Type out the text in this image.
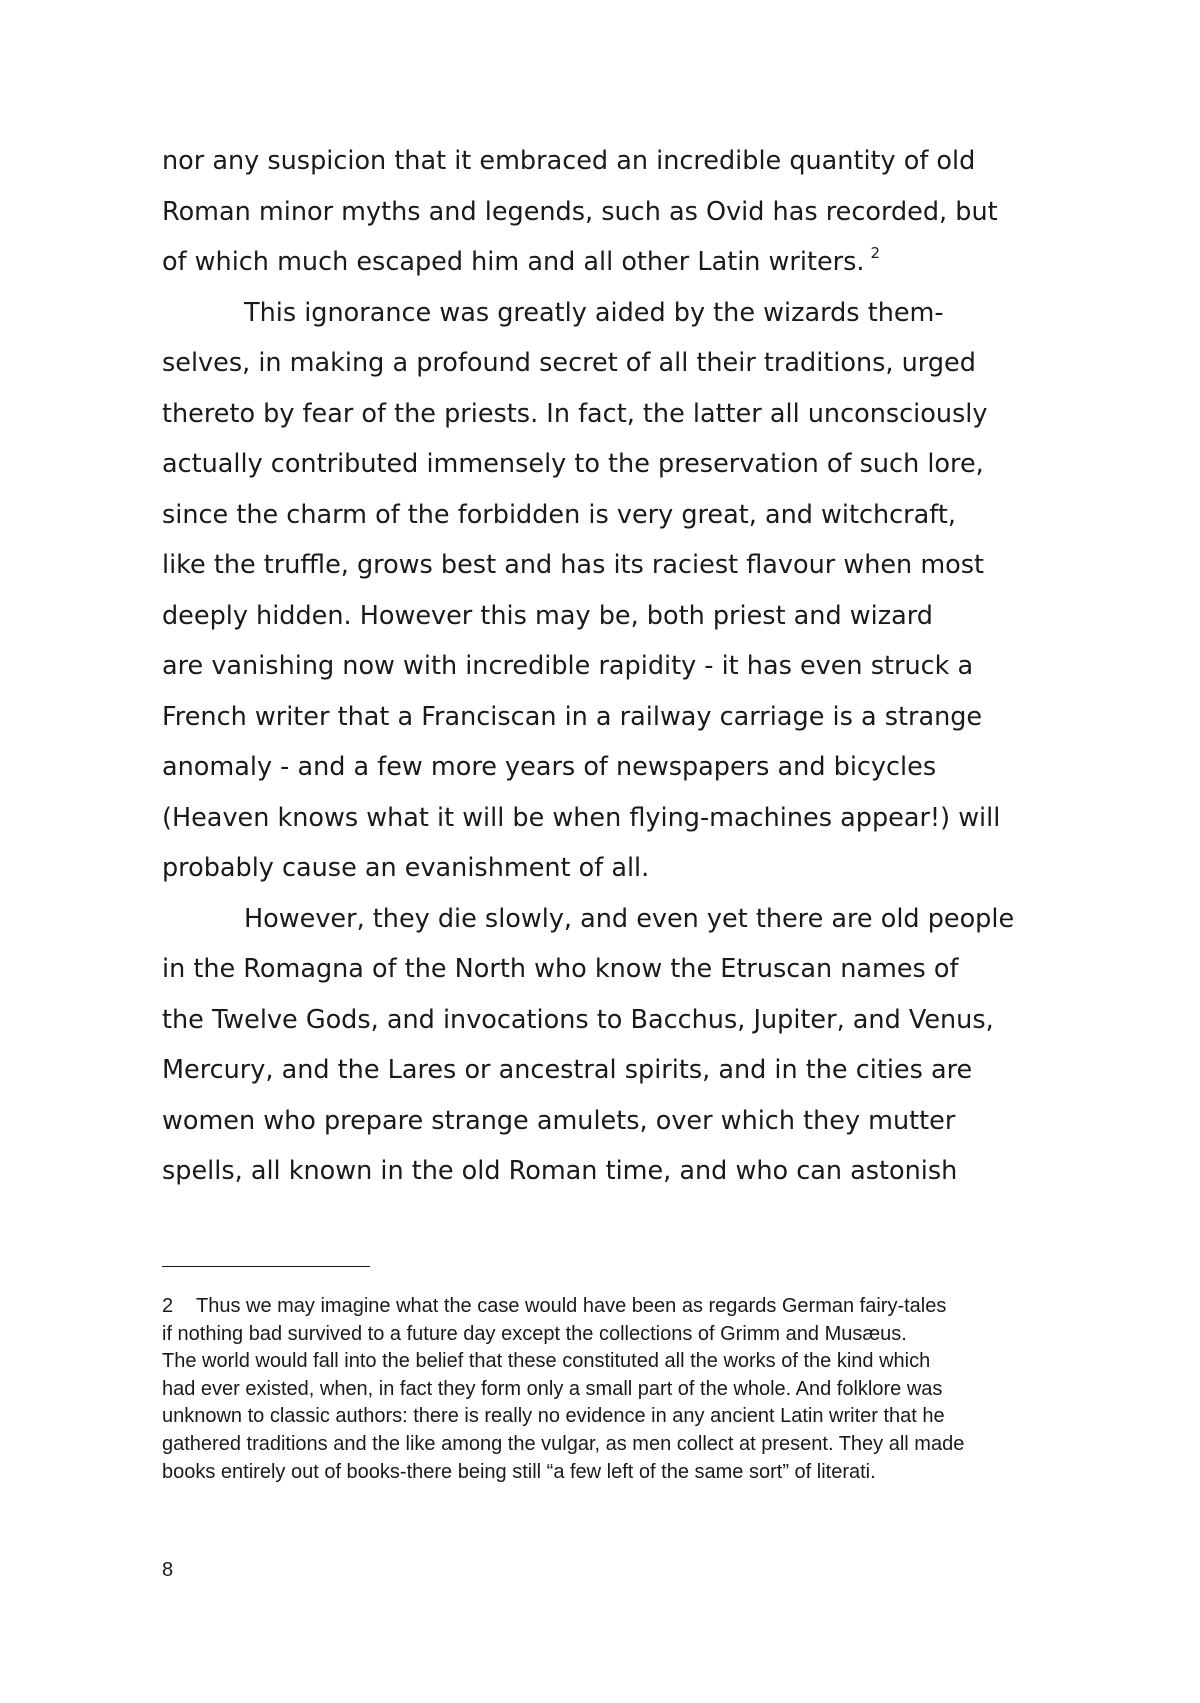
nor any suspicion that it embraced an incredible quantity of old
Roman minor myths and legends, such as Ovid has recorded, but
of which much escaped him and all other Latin writers. $^2$
This ignorance was greatly aided by the wizards them-
selves, in making a profound secret of all their traditions, urged
thereto by fear of the priests. In fact, the latter all unconsciously
actually contributed immensely to the preservation of such lore,
since the charm of the forbidden is very great, and witchcraft,
like the truffle, grows best and has its raciest flavour when most
deeply hidden. However this may be, both priest and wizard
are vanishing now with incredible rapidity - it has even struck a
French writer that a Franciscan in a railway carriage is a strange
anomaly - and a few more years of newspapers and bicycles
(Heaven knows what it will be when flying-machines appear!) will
probably cause an evanishment of all.
However, they die slowly, and even yet there are old people
in the Romagna of the North who know the Etruscan names of
the Twelve Gods, and invocations to Bacchus, Jupiter, and Venus,
Mercury, and the Lares or ancestral spirits, and in the cities are
women who prepare strange amulets, over which they mutter
spells, all known in the old Roman time, and who can astonish
2 Thus we may imagine what the case would have been as regards German fairy-tales
if nothing bad survived to a future day except the collections of Grimm and Musæus.
The world would fall into the belief that these constituted all the works of the kind which
had ever existed, when, in fact they form only a small part of the whole. And folklore was
unknown to classic authors: there is really no evidence in any ancient Latin writer that he
gathered traditions and the like among the vulgar, as men collect at present. They all made
books entirely out of books-there being still “a few left of the same sort” of literati.
8
